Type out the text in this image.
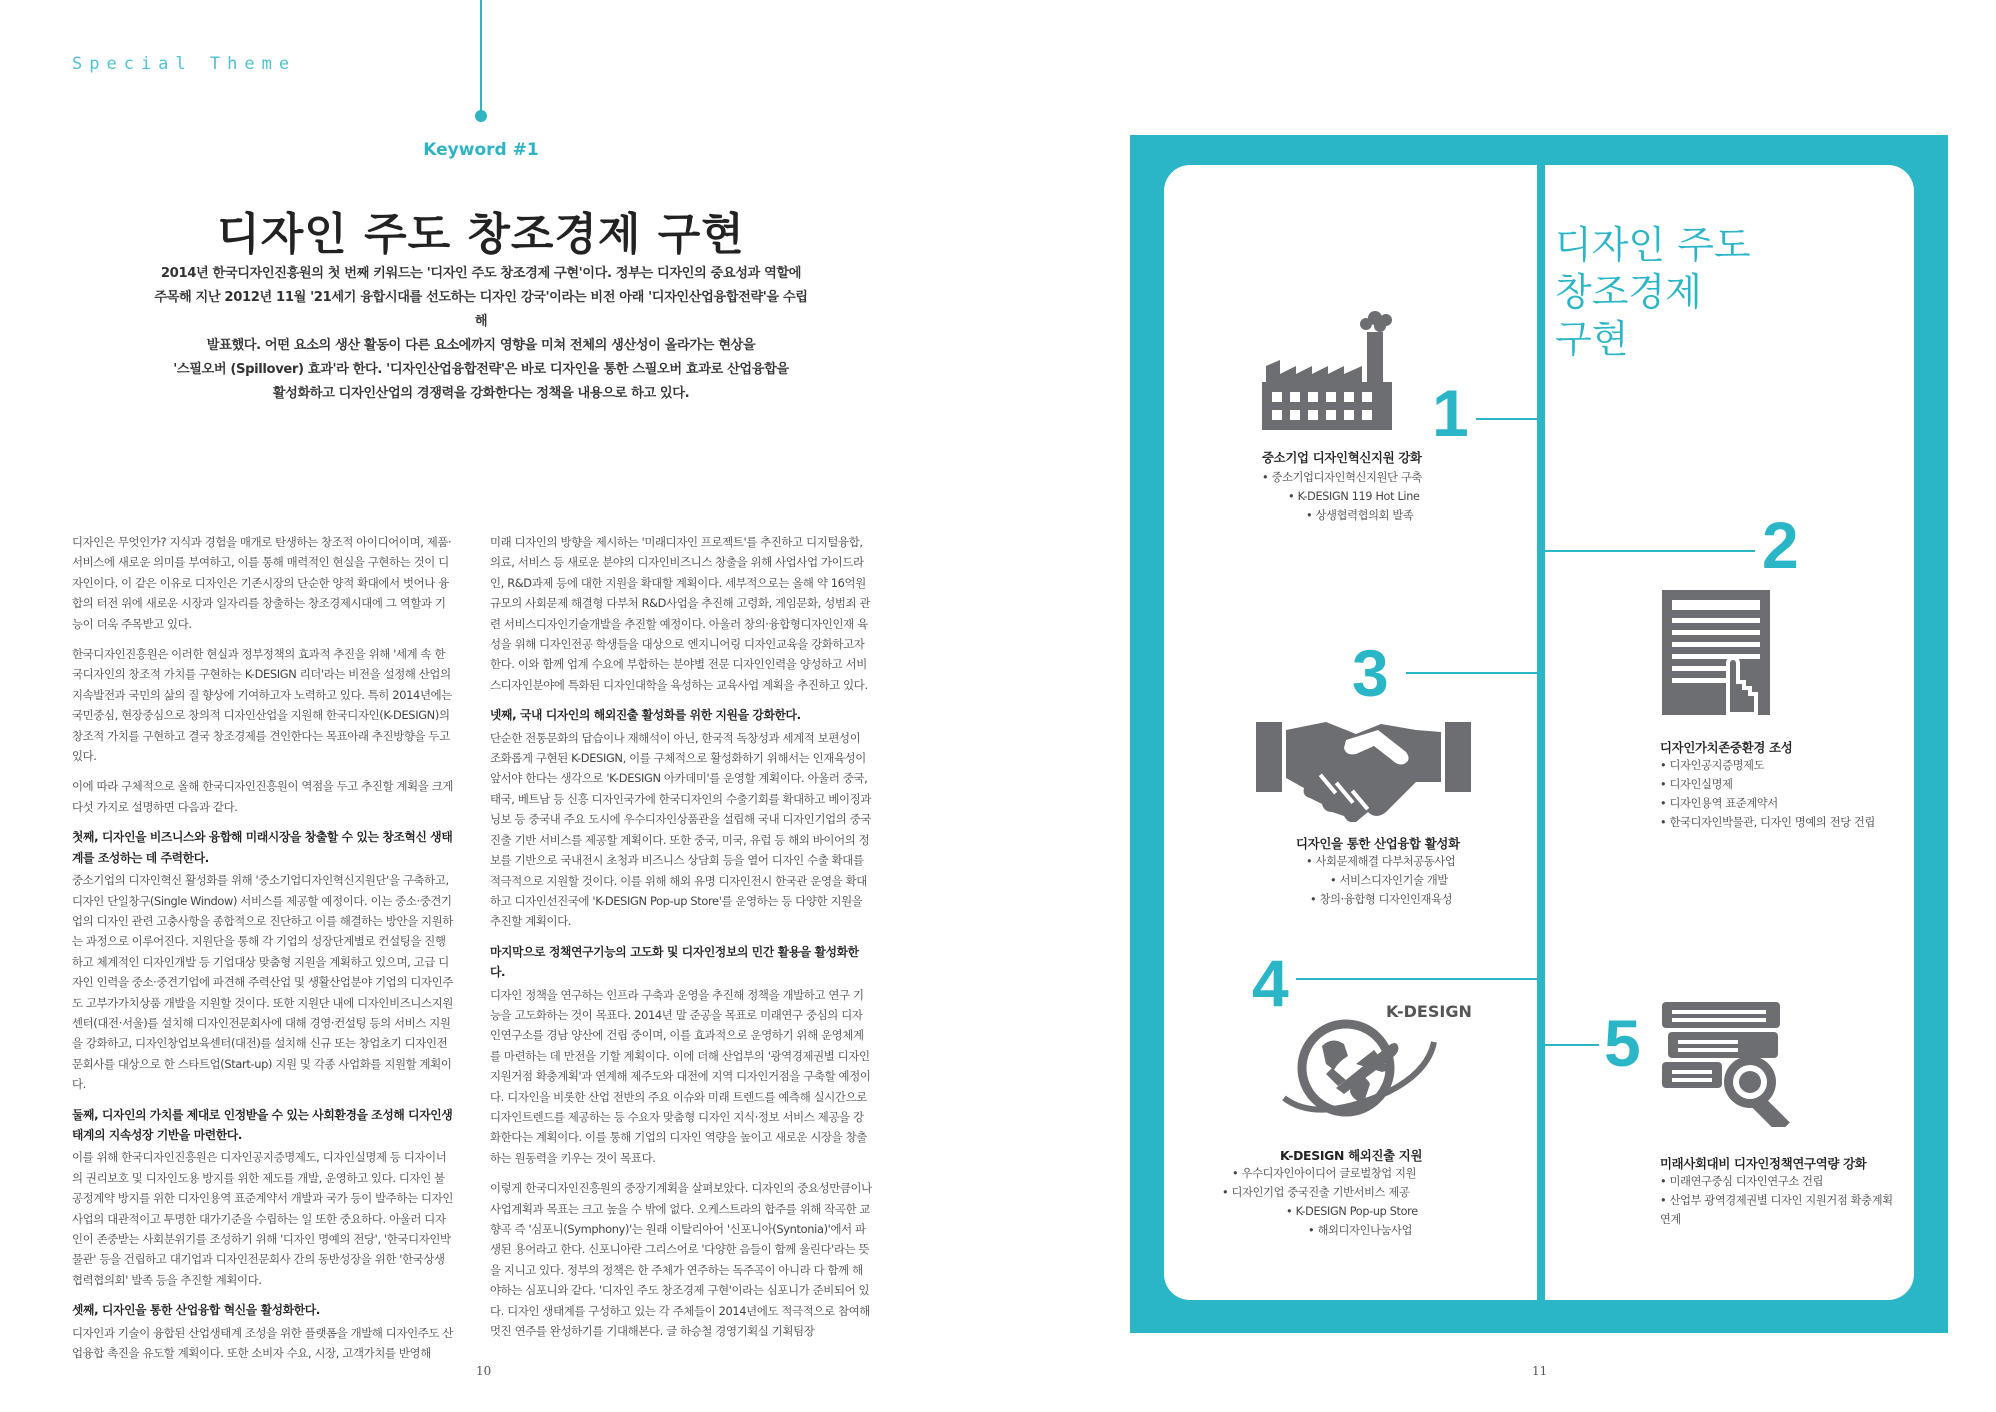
Special Theme
Keyword #1
디자인 주도 창조경제 구현
2014년 한국디자인진흥원의 첫 번째 키워드는 '디자인 주도 창조경제 구현'이다. 정부는 디자인의 중요성과 역할에
주목해 지난 2012년 11월 '21세기 융합시대를 선도하는 디자인 강국'이라는 비전 아래 '디자인산업융합전략'을 수립해
발표했다. 어떤 요소의 생산 활동이 다른 요소에까지 영향을 미쳐 전체의 생산성이 올라가는 현상을
'스필오버 (Spillover) 효과'라 한다. '디자인산업융합전략'은 바로 디자인을 통한 스필오버 효과로 산업융합을
활성화하고 디자인산업의 경쟁력을 강화한다는 정책을 내용으로 하고 있다.

디자인은 무엇인가? 지식과 경험을 매개로 탄생하는 창조적 아이디어이며, 제품·서비스에 새로운 의미를 부여하고, 이를 통해 매력적인 현실을 구현하는 것이 디자인이다. 이 같은 이유로 디자인은 기존시장의 단순한 양적 확대에서 벗어나 융합의 터전 위에 새로운 시장과 일자리를 창출하는 창조경제시대에 그 역할과 기능이 더욱 주목받고 있다.

한국디자인진흥원은 이러한 현실과 정부정책의 효과적 추진을 위해 '세계 속 한국디자인의 창조적 가치를 구현하는 K-DESIGN 리더'라는 비전을 설정해 산업의 지속발전과 국민의 삶의 질 향상에 기여하고자 노력하고 있다. 특히 2014년에는 국민중심, 현장중심으로 창의적 디자인산업을 지원해 한국디자인(K-DESIGN)의 창조적 가치를 구현하고 결국 창조경제를 견인한다는 목표아래 추진방향을 두고 있다.

이에 따라 구체적으로 올해 한국디자인진흥원이 역점을 두고 추진할 계획을 크게 다섯 가지로 설명하면 다음과 같다.

첫째, 디자인을 비즈니스와 융합해 미래시장을 창출할 수 있는 창조혁신 생태계를 조성하는 데 주력한다.

중소기업의 디자인혁신 활성화를 위해 '중소기업디자인혁신지원단'을 구축하고, 디자인 단일창구(Single Window) 서비스를 제공할 예정이다. 이는 중소·중견기업의 디자인 관련 고충사항을 종합적으로 진단하고 이를 해결하는 방안을 지원하는 과정으로 이루어진다. 지원단을 통해 각 기업의 성장단계별로 컨설팅을 진행하고 체계적인 디자인개발 등 기업대상 맞춤형 지원을 계획하고 있으며, 고급 디자인 인력을 중소·중견기업에 파견해 주력산업 및 생활산업분야 기업의 디자인주도 고부가가치상품 개발을 지원할 것이다. 또한 지원단 내에 디자인비즈니스지원센터(대전·서울)를 설치해 디자인전문회사에 대해 경영·컨설팅 등의 서비스 지원을 강화하고, 디자인창업보육센터(대전)를 설치해 신규 또는 창업초기 디자인전문회사를 대상으로 한 스타트업(Start-up) 지원 및 각종 사업화를 지원할 계획이다.

둘째, 디자인의 가치를 제대로 인정받을 수 있는 사회환경을 조성해 디자인생태계의 지속성장 기반을 마련한다.

이를 위해 한국디자인진흥원은 디자인공지증명제도, 디자인실명제 등 디자이너의 권리보호 및 디자인도용 방지를 위한 제도를 개발, 운영하고 있다. 디자인 불공정계약 방지를 위한 디자인용역 표준계약서 개발과 국가 등이 발주하는 디자인사업의 대관적이고 투명한 대가기준을 수립하는 일 또한 중요하다. 아울러 디자인이 존중받는 사회분위기를 조성하기 위해 '디자인 명예의 전당', '한국디자인박물관' 등을 건립하고 대기업과 디자인전문회사 간의 동반성장을 위한 '한국상생협력협의회' 발족 등을 추진할 계획이다.

셋째, 디자인을 통한 산업융합 혁신을 활성화한다.

디자인과 기술이 융합된 산업생태계 조성을 위한 플랫폼을 개발해 디자인주도 산업융합 촉진을 유도할 계획이다. 또한 소비자 수요, 시장, 고객가치를 반영해

미래 디자인의 방향을 제시하는 '미래디자인 프로젝트'를 추진하고 디지털융합, 의료, 서비스 등 새로운 분야의 디자인비즈니스 창출을 위해 사업사업 가이드라인, R&D과제 등에 대한 지원을 확대할 계획이다. 세부적으로는 올해 약 16억원 규모의 사회문제 해결형 다부처 R&D사업을 추진해 고령화, 게임문화, 성범죄 관련 서비스디자인기술개발을 추진할 예정이다. 아울러 창의·융합형디자인인재 육성을 위해 디자인전공 학생들을 대상으로 엔지니어링 디자인교육을 강화하고자 한다. 이와 함께 업계 수요에 부합하는 분야별 전문 디자인인력을 양성하고 서비스디자인분야에 특화된 디자인대학을 육성하는 교육사업 계획을 추진하고 있다.

넷째, 국내 디자인의 해외진출 활성화를 위한 지원을 강화한다.

단순한 전통문화의 답습이나 재해석이 아닌, 한국적 독창성과 세계적 보편성이 조화롭게 구현된 K-DESIGN, 이를 구체적으로 활성화하기 위해서는 인재육성이 앞서야 한다는 생각으로 'K-DESIGN 아카데미'를 운영할 계획이다. 아울러 중국, 태국, 베트남 등 신흥 디자인국가에 한국디자인의 수출기회를 확대하고 베이징과 닝보 등 중국내 주요 도시에 우수디자인상품관을 설립해 국내 디자인기업의 중국진출 기반 서비스를 제공할 계획이다. 또한 중국, 미국, 유럽 등 해외 바이어의 정보를 기반으로 국내전시 초청과 비즈니스 상담회 등을 열어 디자인 수출 확대를 적극적으로 지원할 것이다. 이를 위해 해외 유명 디자인전시 한국관 운영을 확대하고 디자인선진국에 'K-DESIGN Pop-up Store'를 운영하는 등 다양한 지원을 추진할 계획이다.

마지막으로 정책연구기능의 고도화 및 디자인정보의 민간 활용을 활성화한다.

디자인 정책을 연구하는 인프라 구축과 운영을 추진해 정책을 개발하고 연구 기능을 고도화하는 것이 목표다. 2014년 말 준공을 목표로 미래연구 중심의 디자인연구소를 경남 양산에 건립 중이며, 이를 효과적으로 운영하기 위해 운영체계를 마련하는 데 만전을 기할 계획이다. 이에 더해 산업부의 '광역경제권별 디자인지원거점 확충계획'과 연계해 제주도와 대전에 지역 디자인거점을 구축할 예정이다. 디자인을 비롯한 산업 전반의 주요 이슈와 미래 트렌드를 예측해 실시간으로 디자인트렌드를 제공하는 등 수요자 맞춤형 디자인 지식·정보 서비스 제공을 강화한다는 계획이다. 이를 통해 기업의 디자인 역량을 높이고 새로운 시장을 창출하는 원동력을 키우는 것이 목표다.

이렇게 한국디자인진흥원의 중장기계획을 살펴보았다. 디자인의 중요성만큼이나 사업계획과 목표는 크고 높을 수 밖에 없다. 오케스트라의 합주를 위해 작곡한 교향곡 즉 '심포니(Symphony)'는 원래 이탈리아어 '신포니아(Syntonia)'에서 파생된 용어라고 한다. 신포니아란 그리스어로 '다양한 음들이 함께 울린다'라는 뜻을 지니고 있다. 정부의 정책은 한 주체가 연주하는 독주곡이 아니라 다 함께 해야하는 심포니와 같다. '디자인 주도 창조경제 구현'이라는 심포니가 준비되어 있다. 디자인 생태계를 구성하고 있는 각 주체들이 2014년에도 적극적으로 참여해 멋진 연주를 완성하기를 기대해본다. 글 하승철 경영기획실 기획팀장

10	11
디자인 주도
창조경제
구현
1
중소기업 디자인혁신지원 강화
• 중소기업디자인혁신지원단 구축
• K-DESIGN 119 Hot Line
• 상생협력협의회 발족	2
디자인가치존중환경 조성
• 디자인공지증명제도
• 디자인실명제
• 디자인용역 표준계약서
• 한국디자인박물관, 디자인 명예의 전당 건립
3
디자인을 통한 산업융합 활성화
• 사회문제해결 다부처공동사업
• 서비스디자인기술 개발
• 창의·융합형 디자인인재육성
4	K-DESIGN
K-DESIGN 해외진출 지원
• 우수디자인아이디어 글로벌창업 지원
• 디자인기업 중국진출 기반서비스 제공
• K-DESIGN Pop-up Store
• 해외디자인나눔사업
5
미래사회대비 디자인정책연구역량 강화
• 미래연구중심 디자인연구소 건립
• 산업부 광역경제권별 디자인 지원거점 확충계획 연계
